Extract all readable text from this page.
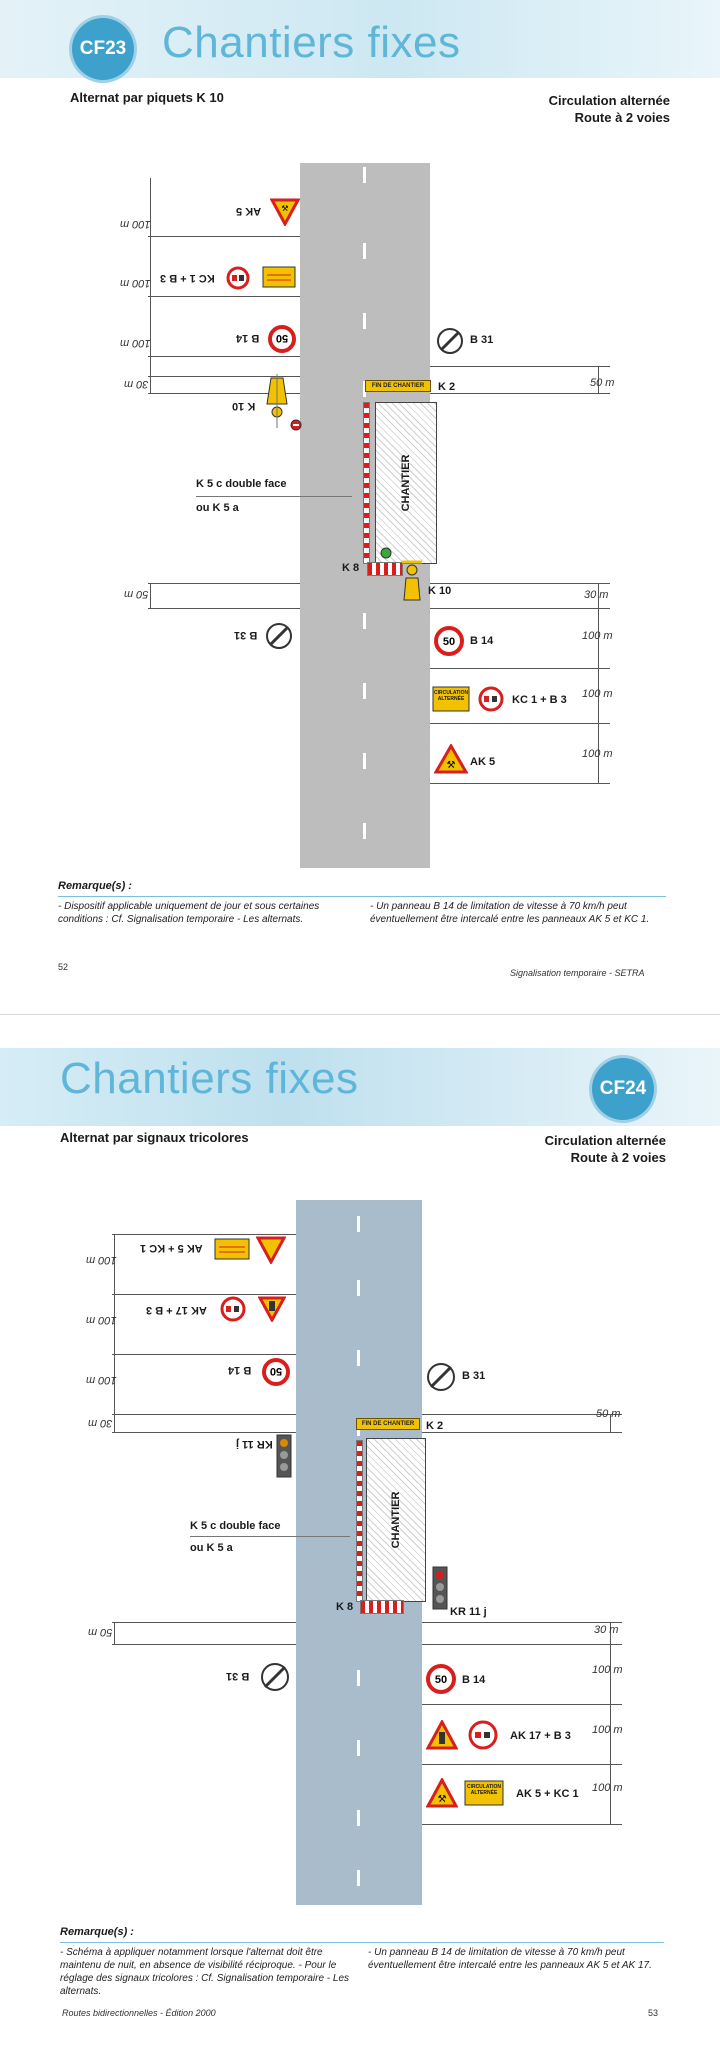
CF23 Chantiers fixes
Alternat par piquets K 10	Circulation alternée
Route à 2 voies
100 m
100 m
100 m
30 m
50 m
50 m
30 m
100 m
100 m
100 m
⚒
AK 5
KC 1 + B 3
50
B 14
K 10
K 5 c double face
ou K 5 a
B 31
FIN DE CHANTIER
CHANTIER
K 8
B 31
K 2
K 10
50 B 14
CIRCULATION ALTERNÉE	KC 1 + B 3
⚒ AK 5
Remarque(s) :
- Dispositif applicable uniquement de jour et sous certaines conditions : Cf. Signalisation temporaire - Les alternats.
- Un panneau B 14 de limitation de vitesse à 70 km/h peut éventuellement être intercalé entre les panneaux AK 5 et KC 1.
52
Signalisation temporaire - SETRA
Chantiers fixes	CF24
Alternat par signaux tricolores	Circulation alternée
Route à 2 voies
100 m
100 m
100 m
30 m
50 m
50 m
30 m
100 m
100 m
100 m
AK 5 + KC 1
AK 17 + B 3
50
B 14
KR 11 j
K 5 c double face
ou K 5 a
B 31
FIN DE CHANTIER
CHANTIER
K 8
B 31
K 2
KR 11 j
50 B 14
AK 17 + B 3
⚒
CIRCULATION ALTERNÉE	AK 5 + KC 1
Remarque(s) :
- Schéma à appliquer notamment lorsque l'alternat doit être maintenu de nuit, en absence de visibilité réciproque. - Pour le réglage des signaux tricolores : Cf. Signalisation temporaire - Les alternats.
- Un panneau B 14 de limitation de vitesse à 70 km/h peut éventuellement être intercalé entre les panneaux AK 5 et AK 17.
Routes bidirectionnelles - Édition 2000	53
